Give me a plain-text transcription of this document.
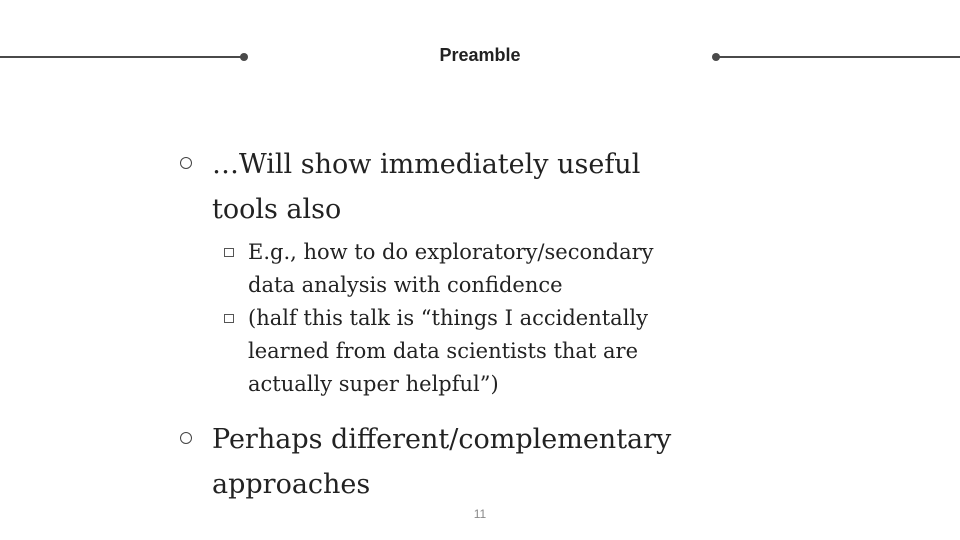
Preamble
…Will show immediately useful tools also
E.g., how to do exploratory/secondary data analysis with confidence
(half this talk is “things I accidentally learned from data scientists that are actually super helpful”)
Perhaps different/complementary approaches
11
